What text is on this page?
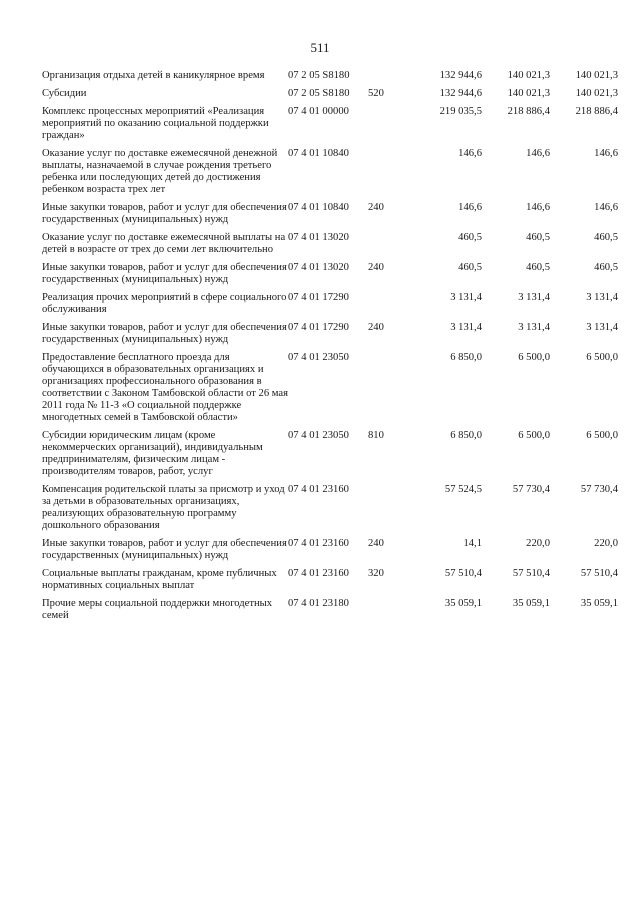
511
Организация отдыха детей в каникулярное время	07 2 05 S8180		132 944,6	140 021,3	140 021,3
Субсидии	07 2 05 S8180	520	132 944,6	140 021,3	140 021,3
Комплекс процессных мероприятий «Реализация мероприятий по оказанию социальной поддержки граждан»	07 4 01 00000		219 035,5	218 886,4	218 886,4
Оказание услуг по доставке ежемесячной денежной выплаты, назначаемой в случае рождения третьего ребенка или последующих детей до достижения ребенком возраста трех лет	07 4 01 10840		146,6	146,6	146,6
Иные закупки товаров, работ и услуг для обеспечения государственных (муниципальных) нужд	07 4 01 10840	240	146,6	146,6	146,6
Оказание услуг по доставке ежемесячной выплаты на детей в возрасте от трех до семи лет включительно	07 4 01 13020		460,5	460,5	460,5
Иные закупки товаров, работ и услуг для обеспечения государственных (муниципальных) нужд	07 4 01 13020	240	460,5	460,5	460,5
Реализация прочих мероприятий в сфере социального обслуживания	07 4 01 17290		3 131,4	3 131,4	3 131,4
Иные закупки товаров, работ и услуг для обеспечения государственных (муниципальных) нужд	07 4 01 17290	240	3 131,4	3 131,4	3 131,4
Предоставление бесплатного проезда для обучающихся в образовательных организациях и организациях профессионального образования в соответствии с Законом Тамбовской области от 26 мая 2011 года № 11-З «О социальной поддержке многодетных семей в Тамбовской области»	07 4 01 23050		6 850,0	6 500,0	6 500,0
Субсидии юридическим лицам (кроме некоммерческих организаций), индивидуальным предпринимателям, физическим лицам - производителям товаров, работ, услуг	07 4 01 23050	810	6 850,0	6 500,0	6 500,0
Компенсация родительской платы за присмотр и уход за детьми в образовательных организациях, реализующих образовательную программу дошкольного образования	07 4 01 23160		57 524,5	57 730,4	57 730,4
Иные закупки товаров, работ и услуг для обеспечения государственных (муниципальных) нужд	07 4 01 23160	240	14,1	220,0	220,0
Социальные выплаты гражданам, кроме публичных нормативных социальных выплат	07 4 01 23160	320	57 510,4	57 510,4	57 510,4
Прочие меры социальной поддержки многодетных семей	07 4 01 23180		35 059,1	35 059,1	35 059,1
